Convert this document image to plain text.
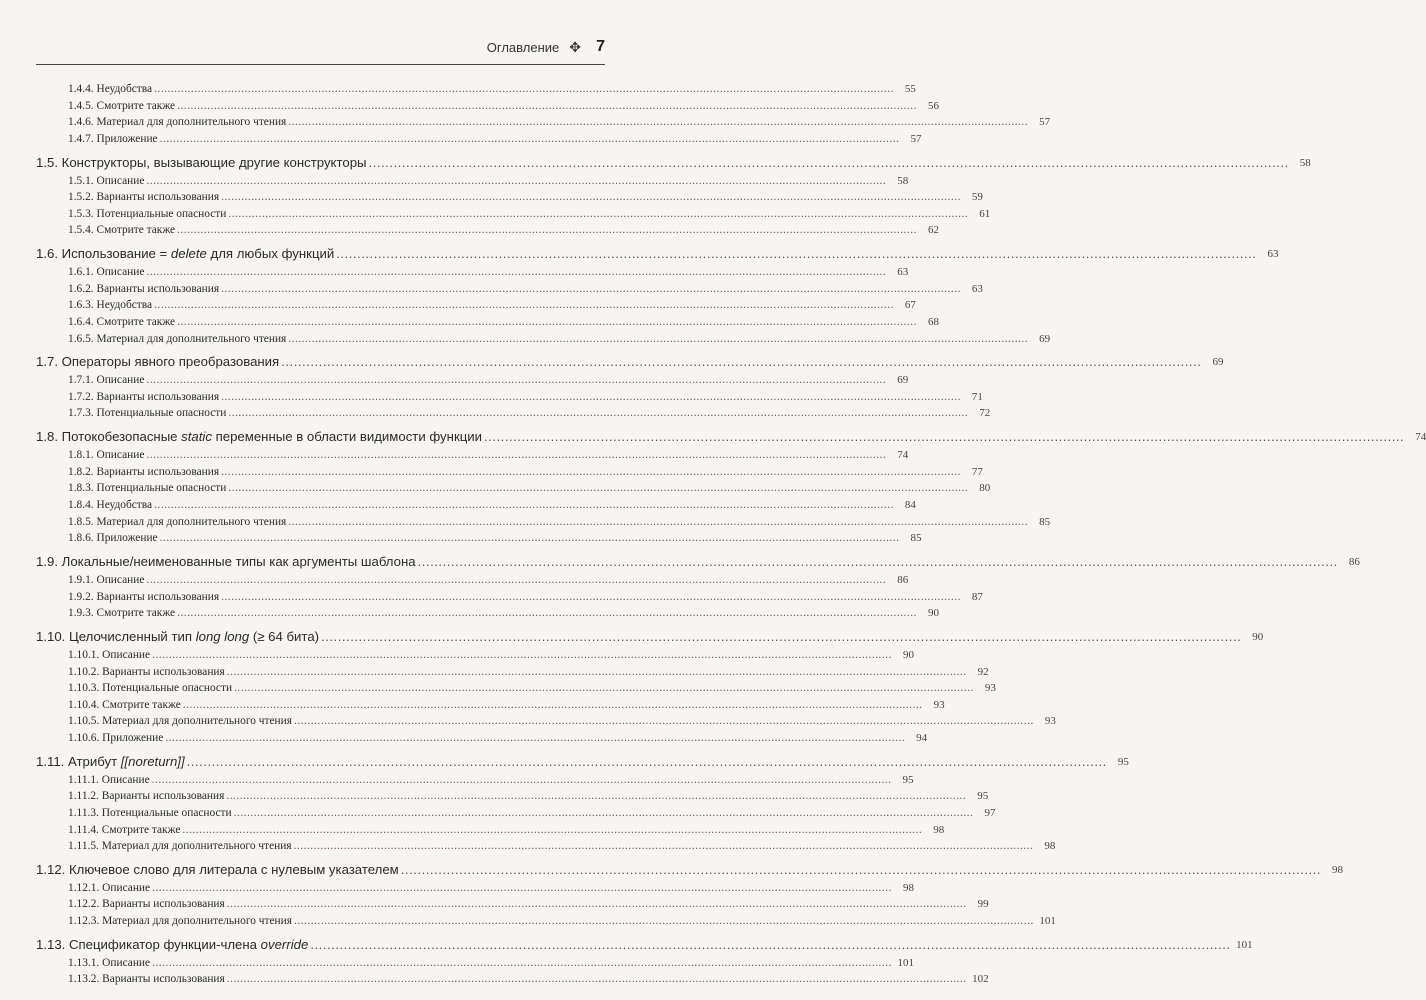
Оглавление ✥ 7
1.4.4. Неудобства .....	55
1.4.5. Смотрите также .....	56
1.4.6. Материал для дополнительного чтения .....	57
1.4.7. Приложение .....	57
1.5. Конструкторы, вызывающие другие конструкторы .....	58
1.5.1. Описание .....	58
1.5.2. Варианты использования .....	59
1.5.3. Потенциальные опасности .....	61
1.5.4. Смотрите также .....	62
1.6. Использование = delete для любых функций .....	63
1.6.1. Описание .....	63
1.6.2. Варианты использования .....	63
1.6.3. Неудобства .....	67
1.6.4. Смотрите также .....	68
1.6.5. Материал для дополнительного чтения .....	69
1.7. Операторы явного преобразования .....	69
1.7.1. Описание .....	69
1.7.2. Варианты использования .....	71
1.7.3. Потенциальные опасности .....	72
1.8. Потокобезопасные static переменные в области видимости функции .....	74
1.8.1. Описание .....	74
1.8.2. Варианты использования .....	77
1.8.3. Потенциальные опасности .....	80
1.8.4. Неудобства .....	84
1.8.5. Материал для дополнительного чтения .....	85
1.8.6. Приложение .....	85
1.9. Локальные/неименованные типы как аргументы шаблона .....	86
1.9.1. Описание .....	86
1.9.2. Варианты использования .....	87
1.9.3. Смотрите также .....	90
1.10. Целочисленный тип long long (≥ 64 бита) .....	90
1.10.1. Описание .....	90
1.10.2. Варианты использования .....	92
1.10.3. Потенциальные опасности .....	93
1.10.4. Смотрите также .....	93
1.10.5. Материал для дополнительного чтения .....	93
1.10.6. Приложение .....	94
1.11. Атрибут [[noreturn]] .....	95
1.11.1. Описание .....	95
1.11.2. Варианты использования .....	95
1.11.3. Потенциальные опасности .....	97
1.11.4. Смотрите также .....	98
1.11.5. Материал для дополнительного чтения .....	98
1.12. Ключевое слово для литерала с нулевым указателем .....	98
1.12.1. Описание .....	98
1.12.2. Варианты использования .....	99
1.12.3. Материал для дополнительного чтения .....	101
1.13. Спецификатор функции-члена override .....	101
1.13.1. Описание .....	101
1.13.2. Варианты использования .....	102
